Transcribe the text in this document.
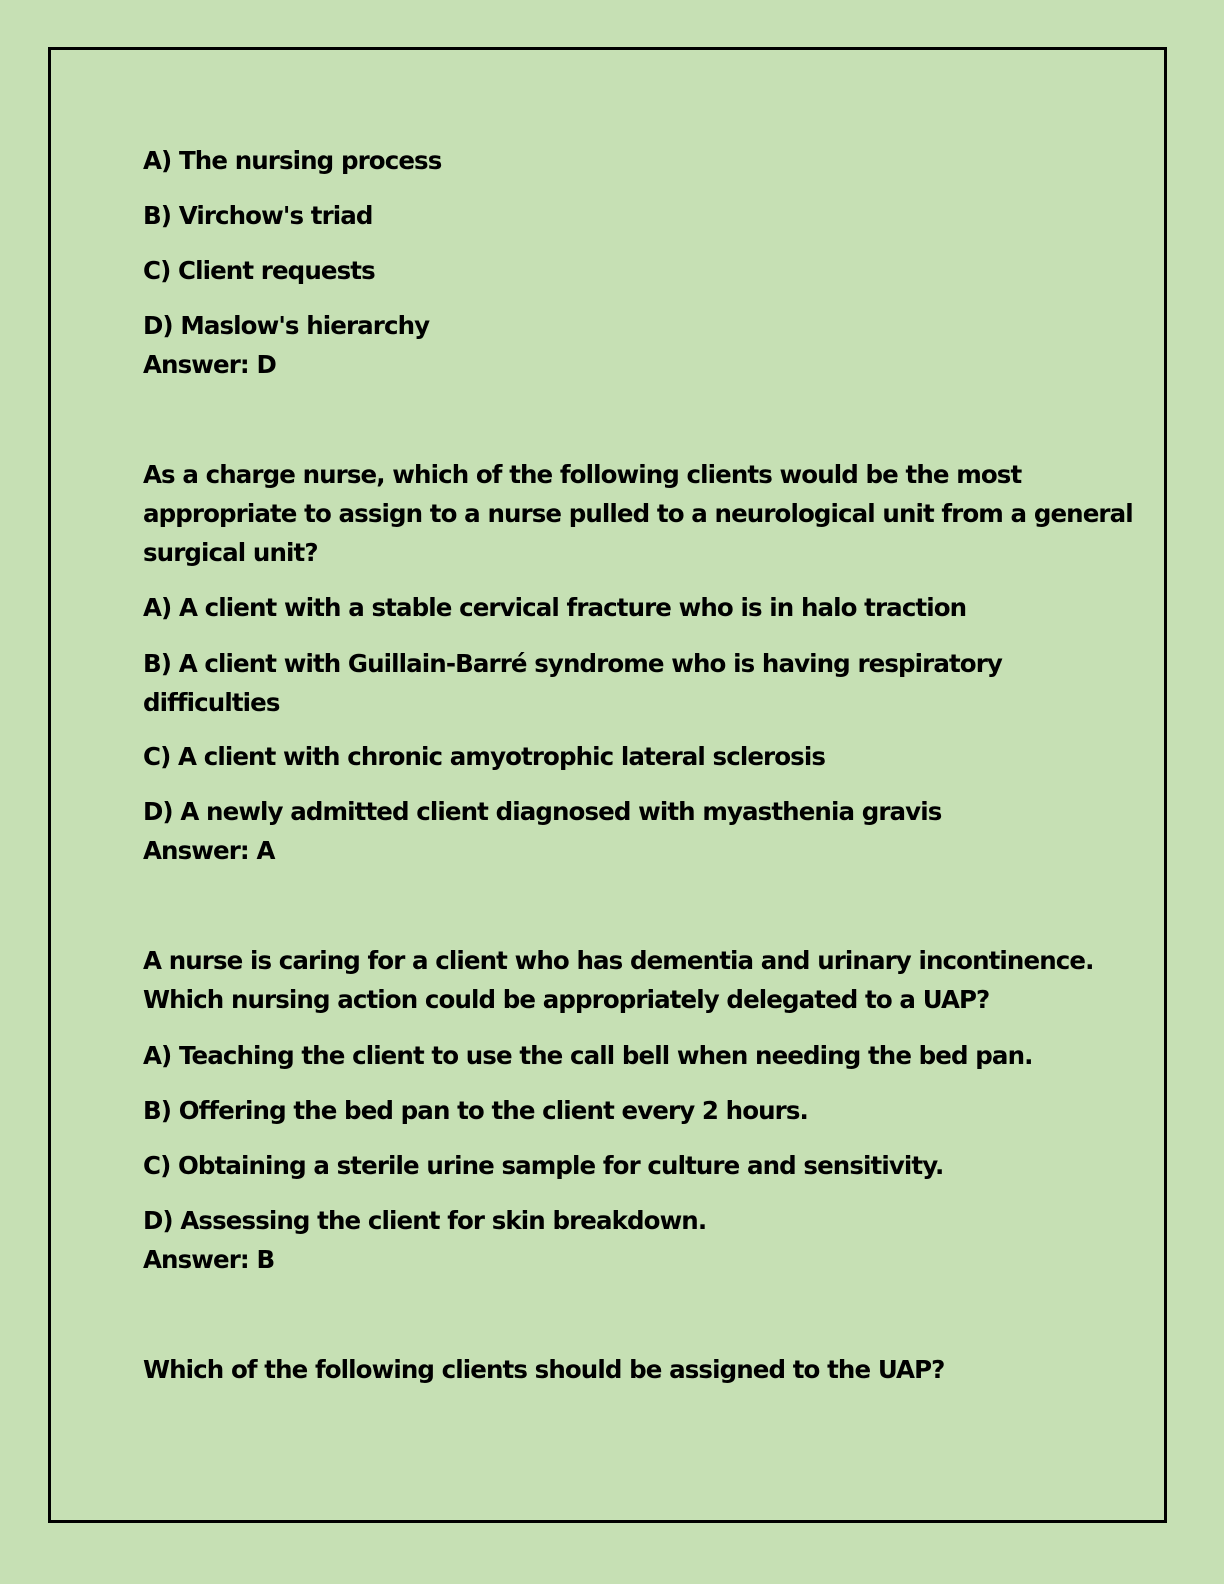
A) The nursing process
B) Virchow's triad
C) Client requests
D) Maslow's hierarchy
Answer: D
As a charge nurse, which of the following clients would be the most
appropriate to assign to a nurse pulled to a neurological unit from a general
surgical unit?
A) A client with a stable cervical fracture who is in halo traction
B) A client with Guillain-Barré syndrome who is having respiratory
difficulties
C) A client with chronic amyotrophic lateral sclerosis
D) A newly admitted client diagnosed with myasthenia gravis
Answer: A
A nurse is caring for a client who has dementia and urinary incontinence.
Which nursing action could be appropriately delegated to a UAP?
A) Teaching the client to use the call bell when needing the bed pan.
B) Offering the bed pan to the client every 2 hours.
C) Obtaining a sterile urine sample for culture and sensitivity.
D) Assessing the client for skin breakdown.
Answer: B
Which of the following clients should be assigned to the UAP?
